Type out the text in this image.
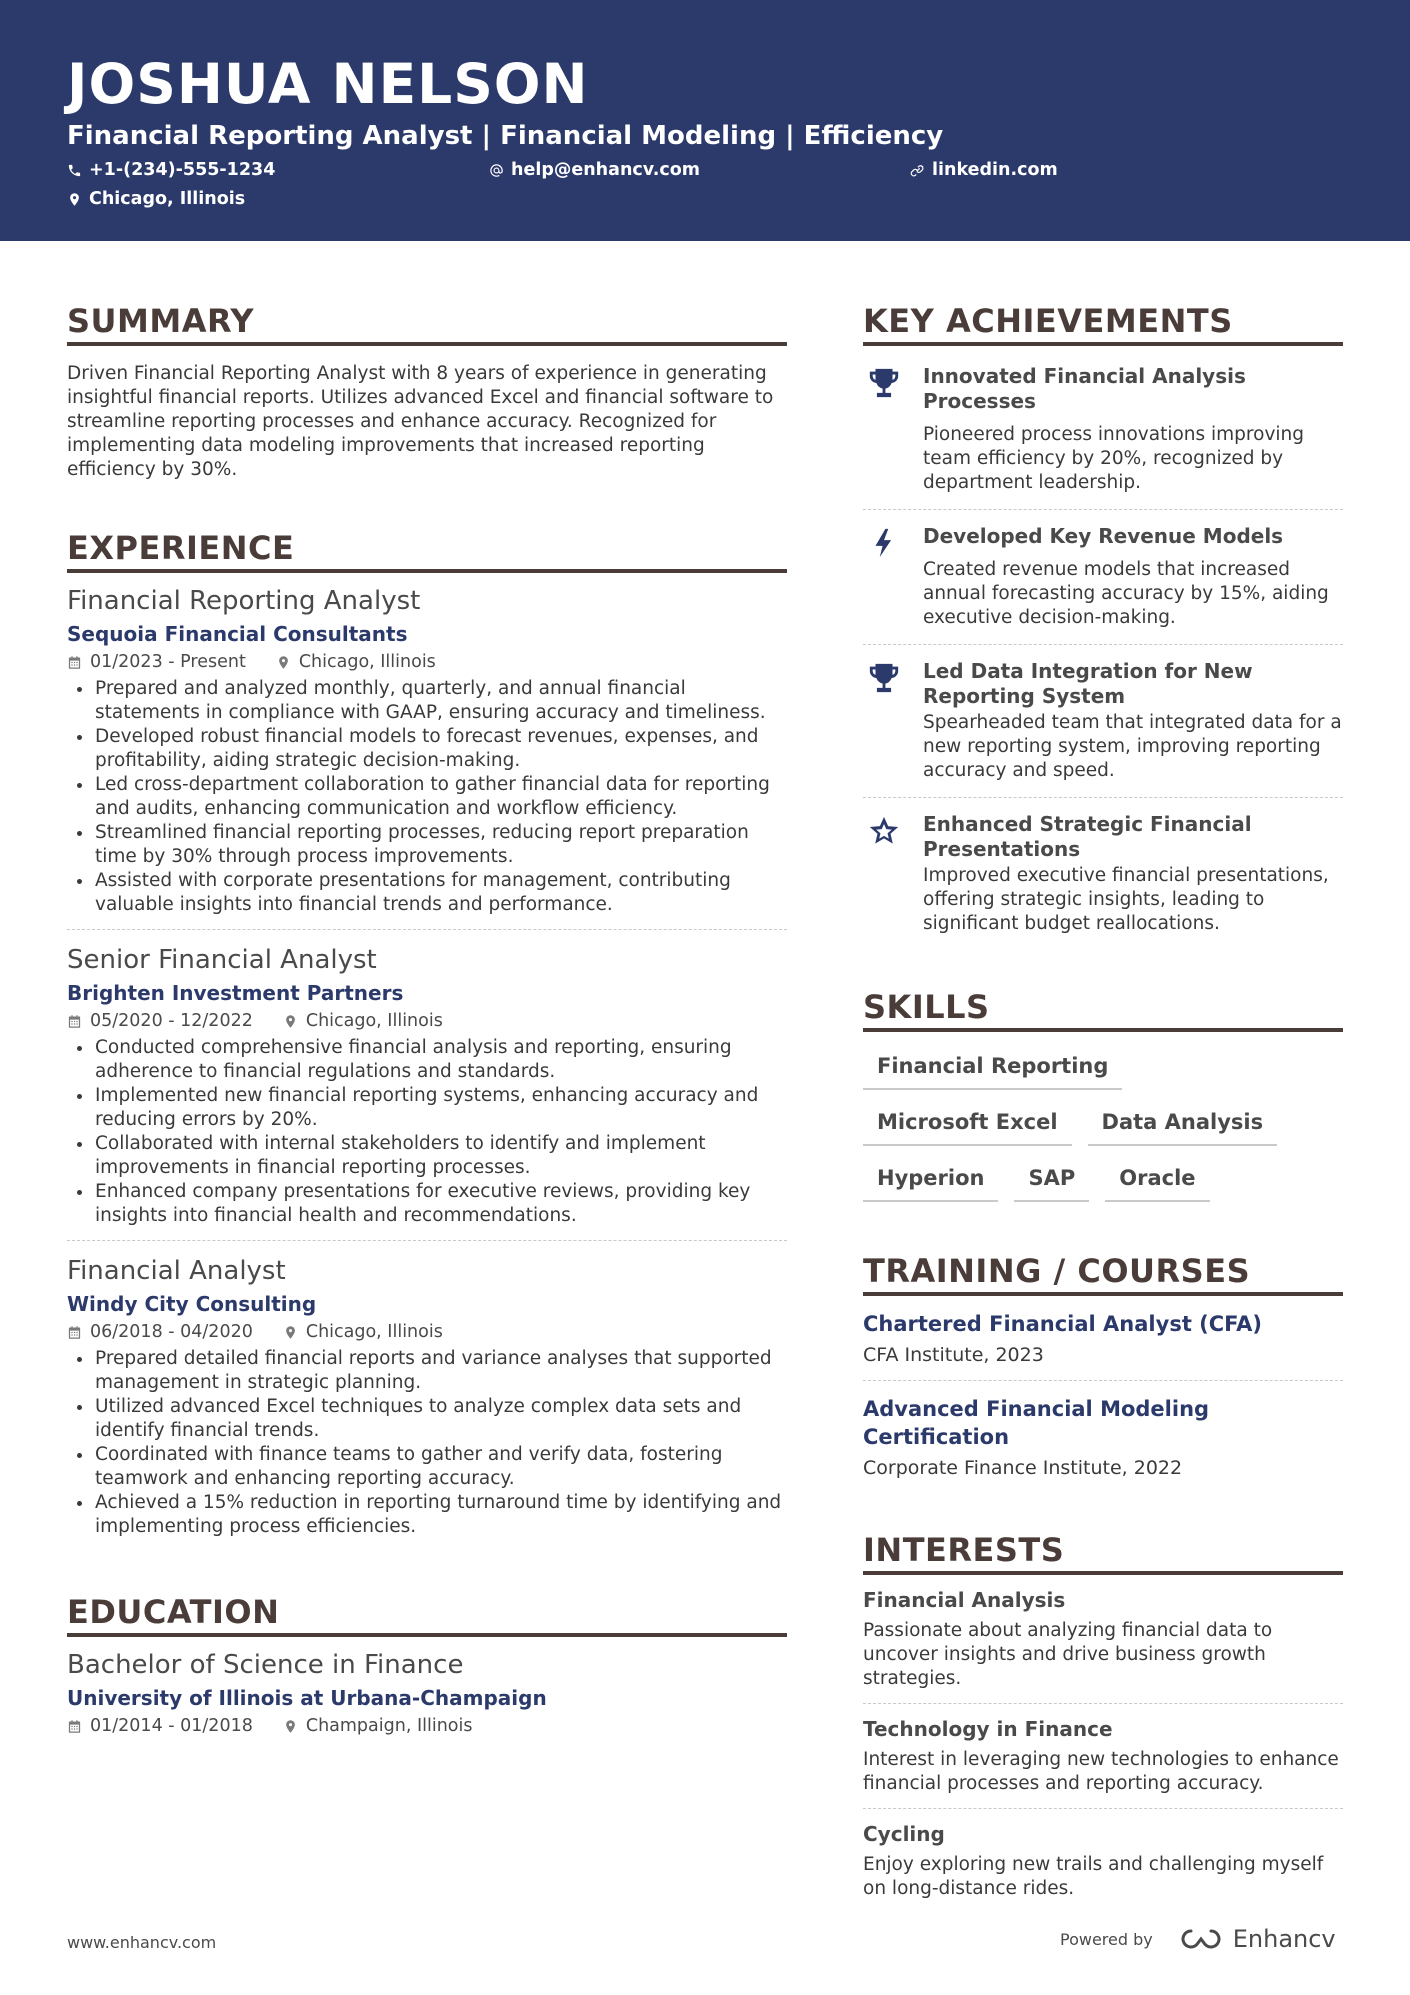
JOSHUA NELSON
Financial Reporting Analyst | Financial Modeling | Efficiency
+1-(234)-555-1234	help@enhancv.com	linkedin.com
Chicago, Illinois
SUMMARY
Driven Financial Reporting Analyst with 8 years of experience in generating insightful financial reports. Utilizes advanced Excel and financial software to streamline reporting processes and enhance accuracy. Recognized for implementing data modeling improvements that increased reporting efficiency by 30%.
EXPERIENCE
Financial Reporting Analyst
Sequoia Financial Consultants
01/2023 - Present	Chicago, Illinois
Prepared and analyzed monthly, quarterly, and annual financial statements in compliance with GAAP, ensuring accuracy and timeliness.
Developed robust financial models to forecast revenues, expenses, and profitability, aiding strategic decision-making.
Led cross-department collaboration to gather financial data for reporting and audits, enhancing communication and workflow efficiency.
Streamlined financial reporting processes, reducing report preparation time by 30% through process improvements.
Assisted with corporate presentations for management, contributing valuable insights into financial trends and performance.
Senior Financial Analyst
Brighten Investment Partners
05/2020 - 12/2022	Chicago, Illinois
Conducted comprehensive financial analysis and reporting, ensuring adherence to financial regulations and standards.
Implemented new financial reporting systems, enhancing accuracy and reducing errors by 20%.
Collaborated with internal stakeholders to identify and implement improvements in financial reporting processes.
Enhanced company presentations for executive reviews, providing key insights into financial health and recommendations.
Financial Analyst
Windy City Consulting
06/2018 - 04/2020	Chicago, Illinois
Prepared detailed financial reports and variance analyses that supported management in strategic planning.
Utilized advanced Excel techniques to analyze complex data sets and identify financial trends.
Coordinated with finance teams to gather and verify data, fostering teamwork and enhancing reporting accuracy.
Achieved a 15% reduction in reporting turnaround time by identifying and implementing process efficiencies.
EDUCATION
Bachelor of Science in Finance
University of Illinois at Urbana-Champaign
01/2014 - 01/2018	Champaign, Illinois
KEY ACHIEVEMENTS
Innovated Financial Analysis Processes
Pioneered process innovations improving team efficiency by 20%, recognized by department leadership.
Developed Key Revenue Models
Created revenue models that increased annual forecasting accuracy by 15%, aiding executive decision-making.
Led Data Integration for New Reporting System
Spearheaded team that integrated data for a new reporting system, improving reporting accuracy and speed.
Enhanced Strategic Financial Presentations
Improved executive financial presentations, offering strategic insights, leading to significant budget reallocations.
SKILLS
Financial Reporting
Microsoft Excel	Data Analysis
Hyperion	SAP	Oracle
TRAINING / COURSES
Chartered Financial Analyst (CFA)
CFA Institute, 2023
Advanced Financial Modeling Certification
Corporate Finance Institute, 2022
INTERESTS
Financial Analysis
Passionate about analyzing financial data to uncover insights and drive business growth strategies.
Technology in Finance
Interest in leveraging new technologies to enhance financial processes and reporting accuracy.
Cycling
Enjoy exploring new trails and challenging myself on long-distance rides.
www.enhancv.com	Powered by	Enhancv
